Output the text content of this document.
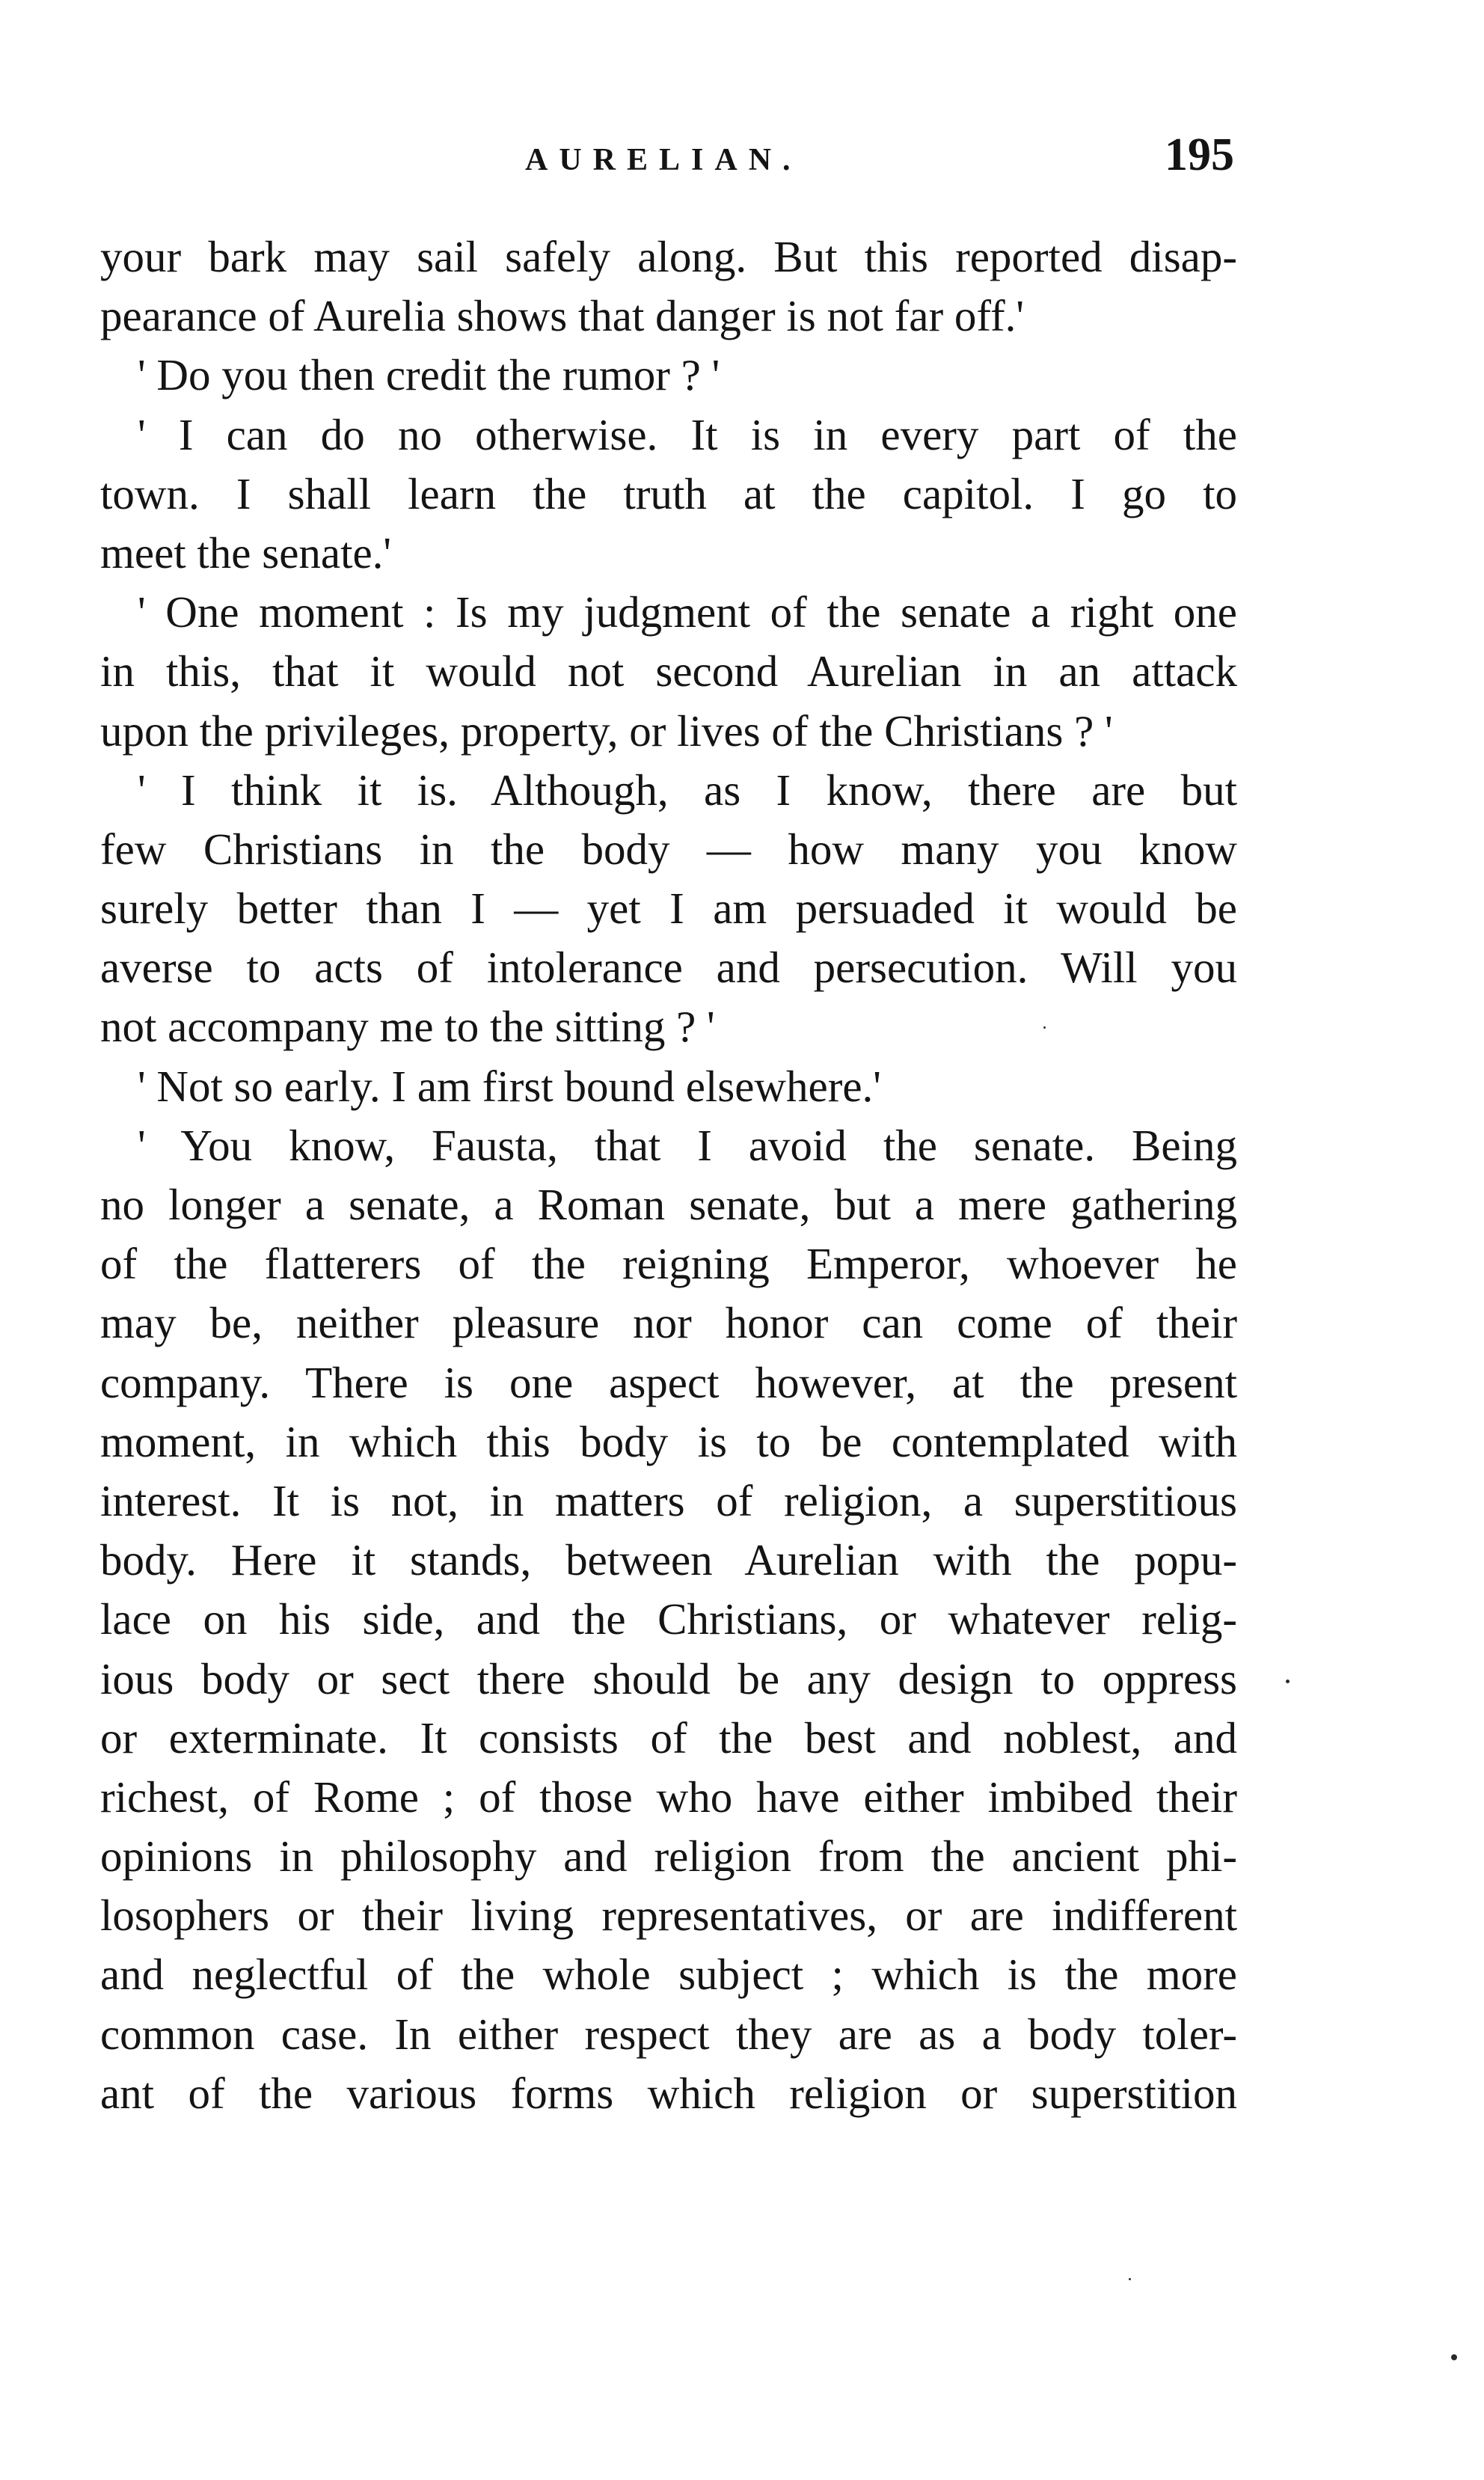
AURELIAN.	195
your bark may sail safely along. But this reported disap-
pearance of Aurelia shows that danger is not far off.'
' Do you then credit the rumor ? '
' I can do no otherwise. It is in every part of the
town. I shall learn the truth at the capitol. I go to
meet the senate.'
' One moment : Is my judgment of the senate a right one
in this, that it would not second Aurelian in an attack
upon the privileges, property, or lives of the Christians ? '
' I think it is. Although, as I know, there are but
few Christians in the body — how many you know
surely better than I — yet I am persuaded it would be
averse to acts of intolerance and persecution. Will you
not accompany me to the sitting ? '
' Not so early. I am first bound elsewhere.'
' You know, Fausta, that I avoid the senate. Being
no longer a senate, a Roman senate, but a mere gathering
of the flatterers of the reigning Emperor, whoever he
may be, neither pleasure nor honor can come of their
company. There is one aspect however, at the present
moment, in which this body is to be contemplated with
interest. It is not, in matters of religion, a superstitious
body. Here it stands, between Aurelian with the popu-
lace on his side, and the Christians, or whatever relig-
ious body or sect there should be any design to oppress
or exterminate. It consists of the best and noblest, and
richest, of Rome ; of those who have either imbibed their
opinions in philosophy and religion from the ancient phi-
losophers or their living representatives, or are indifferent
and neglectful of the whole subject ; which is the more
common case. In either respect they are as a body toler-
ant of the various forms which religion or superstition
